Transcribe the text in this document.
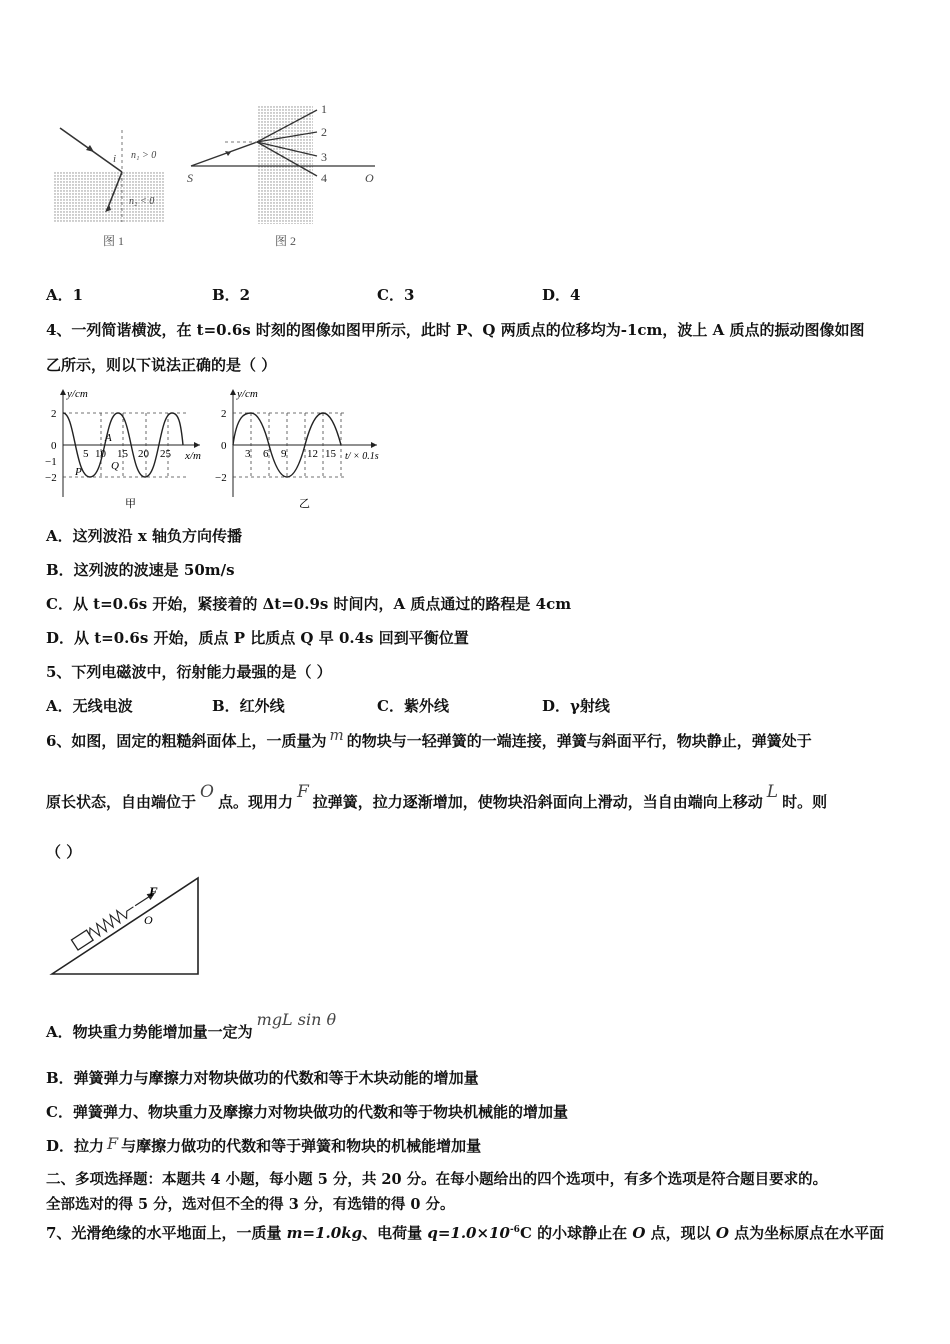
i n₁ > 0
n₂ < 0
图 1
1
2
3
4
S	O
图 2
A．1	B．2	C．3	D．4
4、一列简谐横波，在 t=0.6s 时刻的图像如图甲所示，此时 P、Q 两质点的位移均为-1cm，波上 A 质点的振动图像如图
乙所示，则以下说法正确的是（ ）
y/cm
x/m
2
0
−1
−2
5 10 15 20 25
P
A
Q
甲
y/cm
t/ × 0.1s
2
0
−2
3 6 9 12 15
乙
A．这列波沿 x 轴负方向传播
B．这列波的波速是 50m/s
C．从 t=0.6s 开始，紧接着的 Δt=0.9s 时间内，A 质点通过的路程是 4cm
D．从 t=0.6s 开始，质点 P 比质点 Q 早 0.4s 回到平衡位置
5、下列电磁波中，衍射能力最强的是（ ）
A．无线电波	B．红外线	C．紫外线	D．γ射线
6、如图，固定的粗糙斜面体上，一质量为 m 的物块与一轻弹簧的一端连接，弹簧与斜面平行，物块静止，弹簧处于
原长状态，自由端位于 O 点。现用力 F 拉弹簧，拉力逐渐增加，使物块沿斜面向上滑动，当自由端向上移动 L 时。则
（ ）
F
O
A．物块重力势能增加量一定为mgL sin θ
B．弹簧弹力与摩擦力对物块做功的代数和等于木块动能的增加量
C．弹簧弹力、物块重力及摩擦力对物块做功的代数和等于物块机械能的增加量
D．拉力 F 与摩擦力做功的代数和等于弹簧和物块的机械能增加量
二、多项选择题：本题共 4 小题，每小题 5 分，共 20 分。在每小题给出的四个选项中，有多个选项是符合题目要求的。
全部选对的得 5 分，选对但不全的得 3 分，有选错的得 0 分。
7、光滑绝缘的水平地面上，一质量 m=1.0kg、电荷量 $q=1.0\times 10^{-6}C$ 的小球静止在 O 点，现以 O 点为坐标原点在水平面
